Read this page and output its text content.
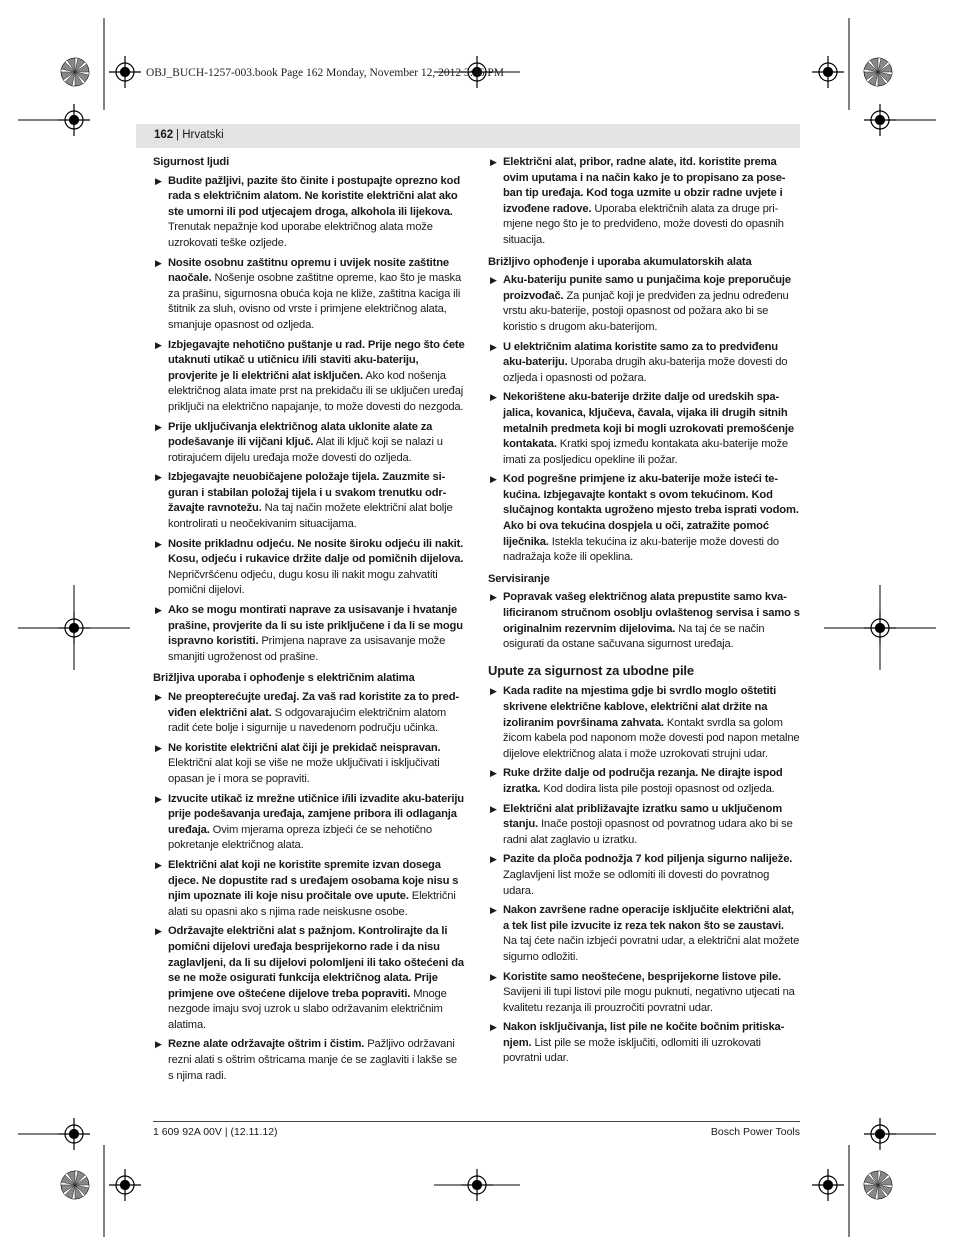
OBJ_BUCH-1257-003.book Page 162 Monday, November 12, 2012 3:46 PM
162 | Hrvatski
Sigurnost ljudi
▶ Budite pažljivi, pazite što činite i postupajte oprezno kod rada s električnim alatom. Ne koristite električni alat ako ste umorni ili pod utjecajem droga, alkohola ili lijekova. Trenutak nepažnje kod uporabe električnog alata može uzrokovati teške ozljede.
▶ Nosite osobnu zaštitnu opremu i uvijek nosite zaštitne naočale. Nošenje osobne zaštitne opreme, kao što je maska za prašinu, sigurnosna obuća koja ne kliže, zaštitna kaciga ili štitnik za sluh, ovisno od vrste i primjene električnog alata, smanjuje opasnost od ozljeda.
▶ Izbjegavajte nehotično puštanje u rad. Prije nego što ćete utaknuti utikač u utičnicu i/ili staviti aku-bateriju, provjerite je li električni alat isključen. Ako kod nošenja električnog alata imate prst na prekidaču ili se uključen uređaj priključi na električno napajanje, to može dovesti do nezgoda.
▶ Prije uključivanja električnog alata uklonite alate za podešavanje ili vijčani ključ. Alat ili ključ koji se nalazi u rotirajućem dijelu uređaja može dovesti do ozljeda.
▶ Izbjegavajte neuobičajene položaje tijela. Zauzmite siguran i stabilan položaj tijela i u svakom trenutku održavajte ravnotežu. Na taj način možete električni alat bolje kontrolirati u neočekivanim situacijama.
▶ Nosite prikladnu odjeću. Ne nosite široku odjeću ili nakit. Kosu, odjeću i rukavice držite dalje od pomičnih dijelova. Nepričvršćenu odjeću, dugu kosu ili nakit mogu zahvatiti pomični dijelovi.
▶ Ako se mogu montirati naprave za usisavanje i hvatanje prašine, provjerite da li su iste priključene i da li se mogu ispravno koristiti. Primjena naprave za usisavanje može smanjiti ugroženost od prašine.
Brižljiva uporaba i ophođenje s električnim alatima
▶ Ne preopterećujte uređaj. Za vaš rad koristite za to predviđen električni alat. S odgovarajućim električnim alatom radit ćete bolje i sigurnije u navedenom području učinka.
▶ Ne koristite električni alat čiji je prekidač neispravan. Električni alat koji se više ne može uključivati i isključivati opasan je i mora se popraviti.
▶ Izvucite utikač iz mrežne utičnice i/ili izvadite aku-bateriju prije podešavanja uređaja, zamjene pribora ili odlaganja uređaja. Ovim mjerama opreza izbjeći će se nehotično pokretanje električnog alata.
▶ Električni alat koji ne koristite spremite izvan dosega djece. Ne dopustite rad s uređajem osobama koje nisu s njim upoznate ili koje nisu pročitale ove upute. Električni alati su opasni ako s njima rade neiskusne osobe.
▶ Održavajte električni alat s pažnjom. Kontrolirajte da li pomični dijelovi uređaja besprijekorno rade i da nisu zaglavljeni, da li su dijelovi polomljeni ili tako oštećeni da se ne može osigurati funkcija električnog alata. Prije primjene ove oštećene dijelove treba popraviti. Mnoge nezgode imaju svoj uzrok u slabo održavanim električnim alatima.
▶ Rezne alate održavajte oštrim i čistim. Pažljivo održavani rezni alati s oštrim oštricama manje će se zaglaviti i lakše se s njima radi.
▶ Električni alat, pribor, radne alate, itd. koristite prema ovim uputama i na način kako je to propisano za poseban tip uređaja. Kod toga uzmite u obzir radne uvjete i izvođene radove. Uporaba električnih alata za druge primjene nego što je to predviđeno, može dovesti do opasnih situacija.
Brižljivo ophođenje i uporaba akumulatorskih alata
▶ Aku-bateriju punite samo u punjačima koje preporučuje proizvođač. Za punjač koji je predviđen za jednu određenu vrstu aku-baterije, postoji opasnost od požara ako bi se koristio s drugom aku-baterijom.
▶ U električnim alatima koristite samo za to predviđenu aku-bateriju. Uporaba drugih aku-baterija može dovesti do ozljeda i opasnosti od požara.
▶ Nekorištene aku-baterije držite dalje od uredskih spajalica, kovanica, ključeva, čavala, vijaka ili drugih sitnih metalnih predmeta koji bi mogli uzrokovati premošćenje kontakata. Kratki spoj između kontakata aku-baterije može imati za posljedicu opekline ili požar.
▶ Kod pogrešne primjene iz aku-baterije može isteći tekućina. Izbjegavajte kontakt s ovom tekućinom. Kod slučajnog kontakta ugroženo mjesto treba isprati vodom. Ako bi ova tekućina dospjela u oči, zatražite pomoć liječnika. Istekla tekućina iz aku-baterije može dovesti do nadražaja kože ili opeklina.
Servisiranje
▶ Popravak vašeg električnog alata prepustite samo kvalificiranom stručnom osoblju ovlaštenog servisa i samo s originalnim rezervnim dijelovima. Na taj će se način osigurati da ostane sačuvana sigurnost uređaja.
Upute za sigurnost za ubodne pile
▶ Kada radite na mjestima gdje bi svrdlo moglo oštetiti skrivene električne kablove, električni alat držite na izoliranim površinama zahvata. Kontakt svrdla sa golom žicom kabela pod naponom može dovesti pod napon metalne dijelove električnog alata i može uzrokovati strujni udar.
▶ Ruke držite dalje od područja rezanja. Ne dirajte ispod izratka. Kod dodira lista pile postoji opasnost od ozljeda.
▶ Električni alat približavajte izratku samo u uključenom stanju. Inače postoji opasnost od povratnog udara ako bi se radni alat zaglavio u izratku.
▶ Pazite da ploča podnožja 7 kod piljenja sigurno naliježe. Zaglavljeni list može se odlomiti ili dovesti do povratnog udara.
▶ Nakon završene radne operacije isključite električni alat, a tek list pile izvucite iz reza tek nakon što se zaustavi. Na taj ćete način izbjeći povratni udar, a električni alat možete sigurno odložiti.
▶ Koristite samo neoštećene, besprijekorne listove pile. Savijeni ili tupi listovi pile mogu puknuti, negativno utjecati na kvalitetu rezanja ili prouzročiti povratni udar.
▶ Nakon isključivanja, list pile ne kočite bočnim pritiskanjem. List pile se može isključiti, odlomiti ili uzrokovati povratni udar.
1 609 92A 00V | (12.11.12)	Bosch Power Tools
